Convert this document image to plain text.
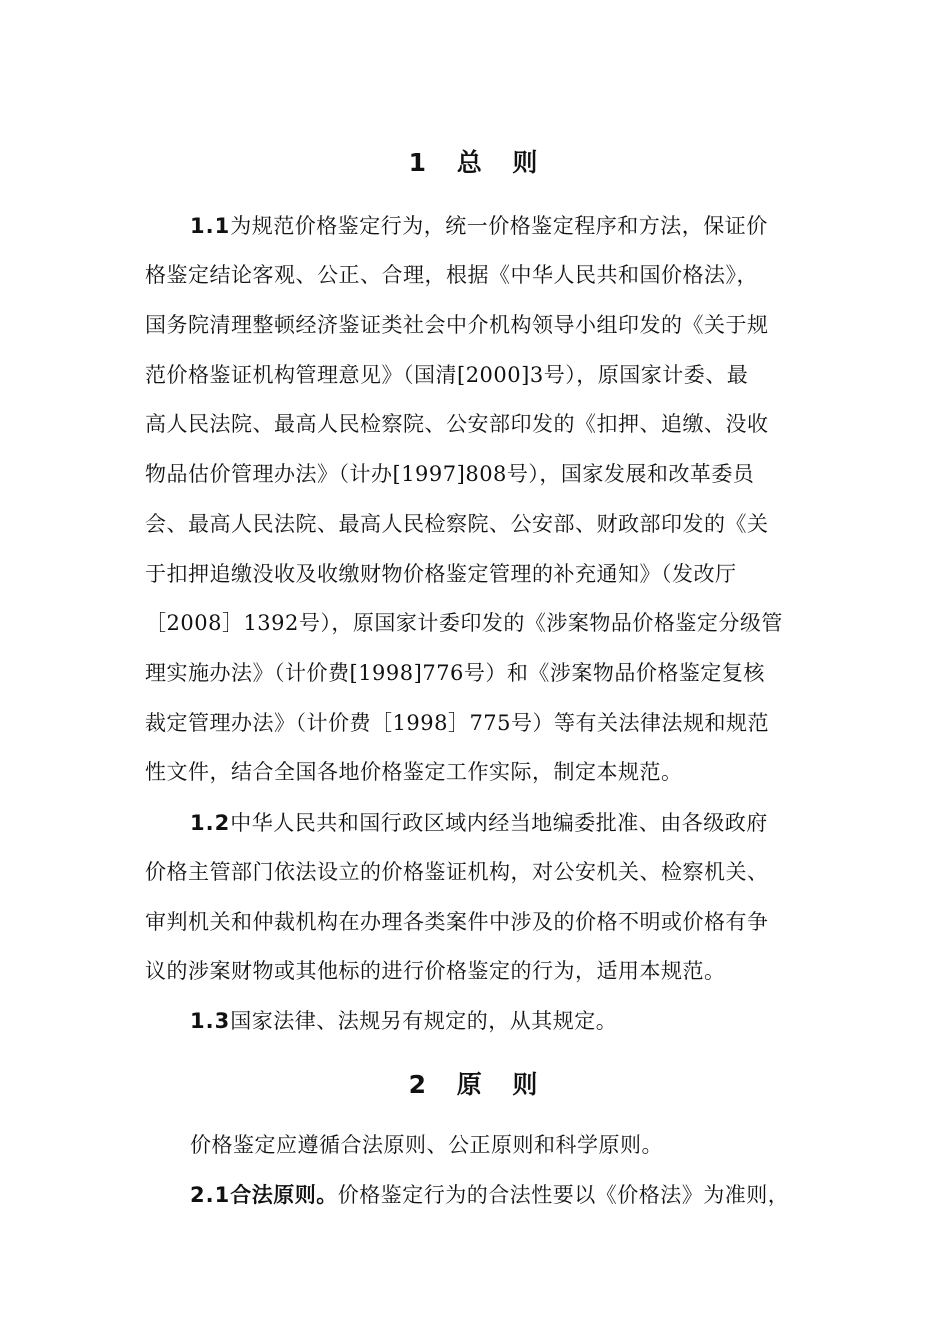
1 总 则
1.1为规范价格鉴定行为，统一价格鉴定程序和方法，保证价
格鉴定结论客观、公正、合理，根据《中华人民共和国价格法》，
国务院清理整顿经济鉴证类社会中介机构领导小组印发的《关于规
范价格鉴证机构管理意见》（国清[2000]3号），原国家计委、最
高人民法院、最高人民检察院、公安部印发的《扣押、追缴、没收
物品估价管理办法》（计办[1997]808号），国家发展和改革委员
会、最高人民法院、最高人民检察院、公安部、财政部印发的《关
于扣押追缴没收及收缴财物价格鉴定管理的补充通知》（发改厅
［2008］1392号），原国家计委印发的《涉案物品价格鉴定分级管
理实施办法》（计价费[1998]776号）和《涉案物品价格鉴定复核
裁定管理办法》（计价费［1998］775号）等有关法律法规和规范
性文件，结合全国各地价格鉴定工作实际，制定本规范。
1.2中华人民共和国行政区域内经当地编委批准、由各级政府
价格主管部门依法设立的价格鉴证机构，对公安机关、检察机关、
审判机关和仲裁机构在办理各类案件中涉及的价格不明或价格有争
议的涉案财物或其他标的进行价格鉴定的行为，适用本规范。
1.3国家法律、法规另有规定的，从其规定。
2 原 则
价格鉴定应遵循合法原则、公正原则和科学原则。
2.1合法原则。价格鉴定行为的合法性要以《价格法》为准则，
